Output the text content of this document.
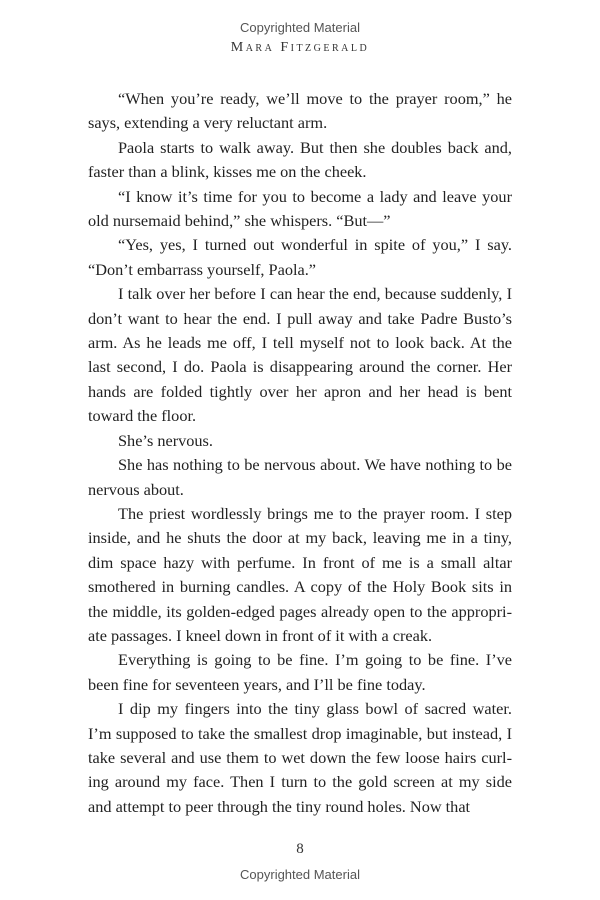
Copyrighted Material
Mara Fitzgerald

“When you’re ready, we’ll move to the prayer room,” he says, extending a very reluctant arm.

Paola starts to walk away. But then she doubles back and, faster than a blink, kisses me on the cheek.

“I know it’s time for you to become a lady and leave your old nursemaid behind,” she whispers. “But—”

“Yes, yes, I turned out wonderful in spite of you,” I say. “Don’t embarrass yourself, Paola.”

I talk over her before I can hear the end, because suddenly, I don’t want to hear the end. I pull away and take Padre Busto’s arm. As he leads me off, I tell myself not to look back. At the last second, I do. Paola is disappearing around the corner. Her hands are folded tightly over her apron and her head is bent toward the floor.

She’s nervous.

She has nothing to be nervous about. We have nothing to be nervous about.

The priest wordlessly brings me to the prayer room. I step inside, and he shuts the door at my back, leaving me in a tiny, dim space hazy with perfume. In front of me is a small altar smothered in burning candles. A copy of the Holy Book sits in the middle, its golden-edged pages already open to the appropriate passages. I kneel down in front of it with a creak.

Everything is going to be fine. I’m going to be fine. I’ve been fine for seventeen years, and I’ll be fine today.

I dip my fingers into the tiny glass bowl of sacred water. I’m supposed to take the smallest drop imaginable, but instead, I take several and use them to wet down the few loose hairs curling around my face. Then I turn to the gold screen at my side and attempt to peer through the tiny round holes. Now that

8
Copyrighted Material
